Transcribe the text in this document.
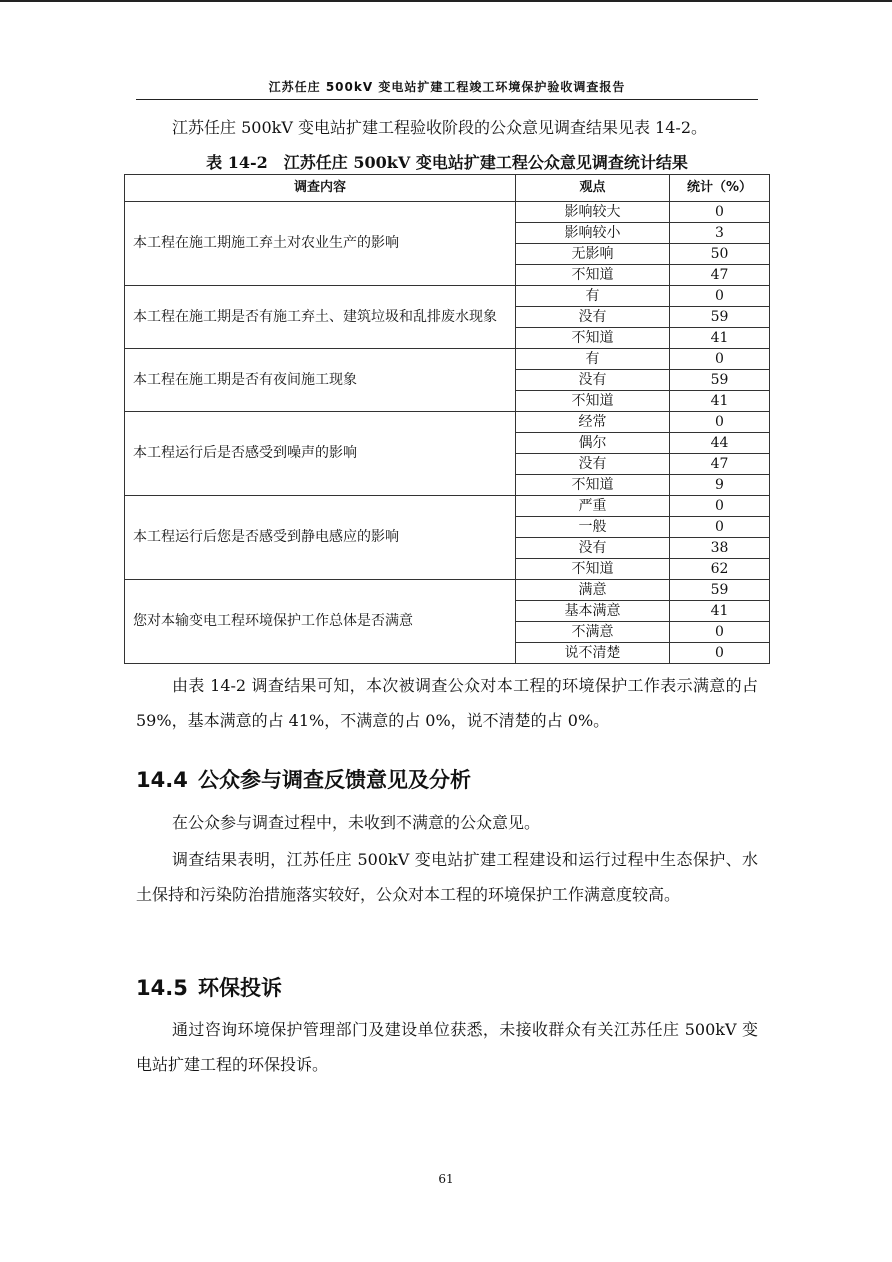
江苏任庄 500kV 变电站扩建工程竣工环境保护验收调查报告

江苏任庄 500kV 变电站扩建工程验收阶段的公众意见调查结果见表 14-2。

表 14-2　江苏任庄 500kV 变电站扩建工程公众意见调查统计结果
调查内容	观点	统计（%）
本工程在施工期施工弃土对农业生产的影响	影响较大	0
	影响较小	3
	无影响	50
	不知道	47
本工程在施工期是否有施工弃土、建筑垃圾和乱排废水现象	有	0
	没有	59
	不知道	41
本工程在施工期是否有夜间施工现象	有	0
	没有	59
	不知道	41
本工程运行后是否感受到噪声的影响	经常	0
	偶尔	44
	没有	47
	不知道	9
本工程运行后您是否感受到静电感应的影响	严重	0
	一般	0
	没有	38
	不知道	62
您对本输变电工程环境保护工作总体是否满意	满意	59
	基本满意	41
	不满意	0
	说不清楚	0

由表 14-2 调查结果可知，本次被调查公众对本工程的环境保护工作表示满意的占 59%，基本满意的占 41%，不满意的占 0%，说不清楚的占 0%。

14.4 公众参与调查反馈意见及分析

在公众参与调查过程中，未收到不满意的公众意见。

调查结果表明，江苏任庄 500kV 变电站扩建工程建设和运行过程中生态保护、水土保持和污染防治措施落实较好，公众对本工程的环境保护工作满意度较高。

14.5 环保投诉

通过咨询环境保护管理部门及建设单位获悉，未接收群众有关江苏任庄 500kV 变电站扩建工程的环保投诉。

61
